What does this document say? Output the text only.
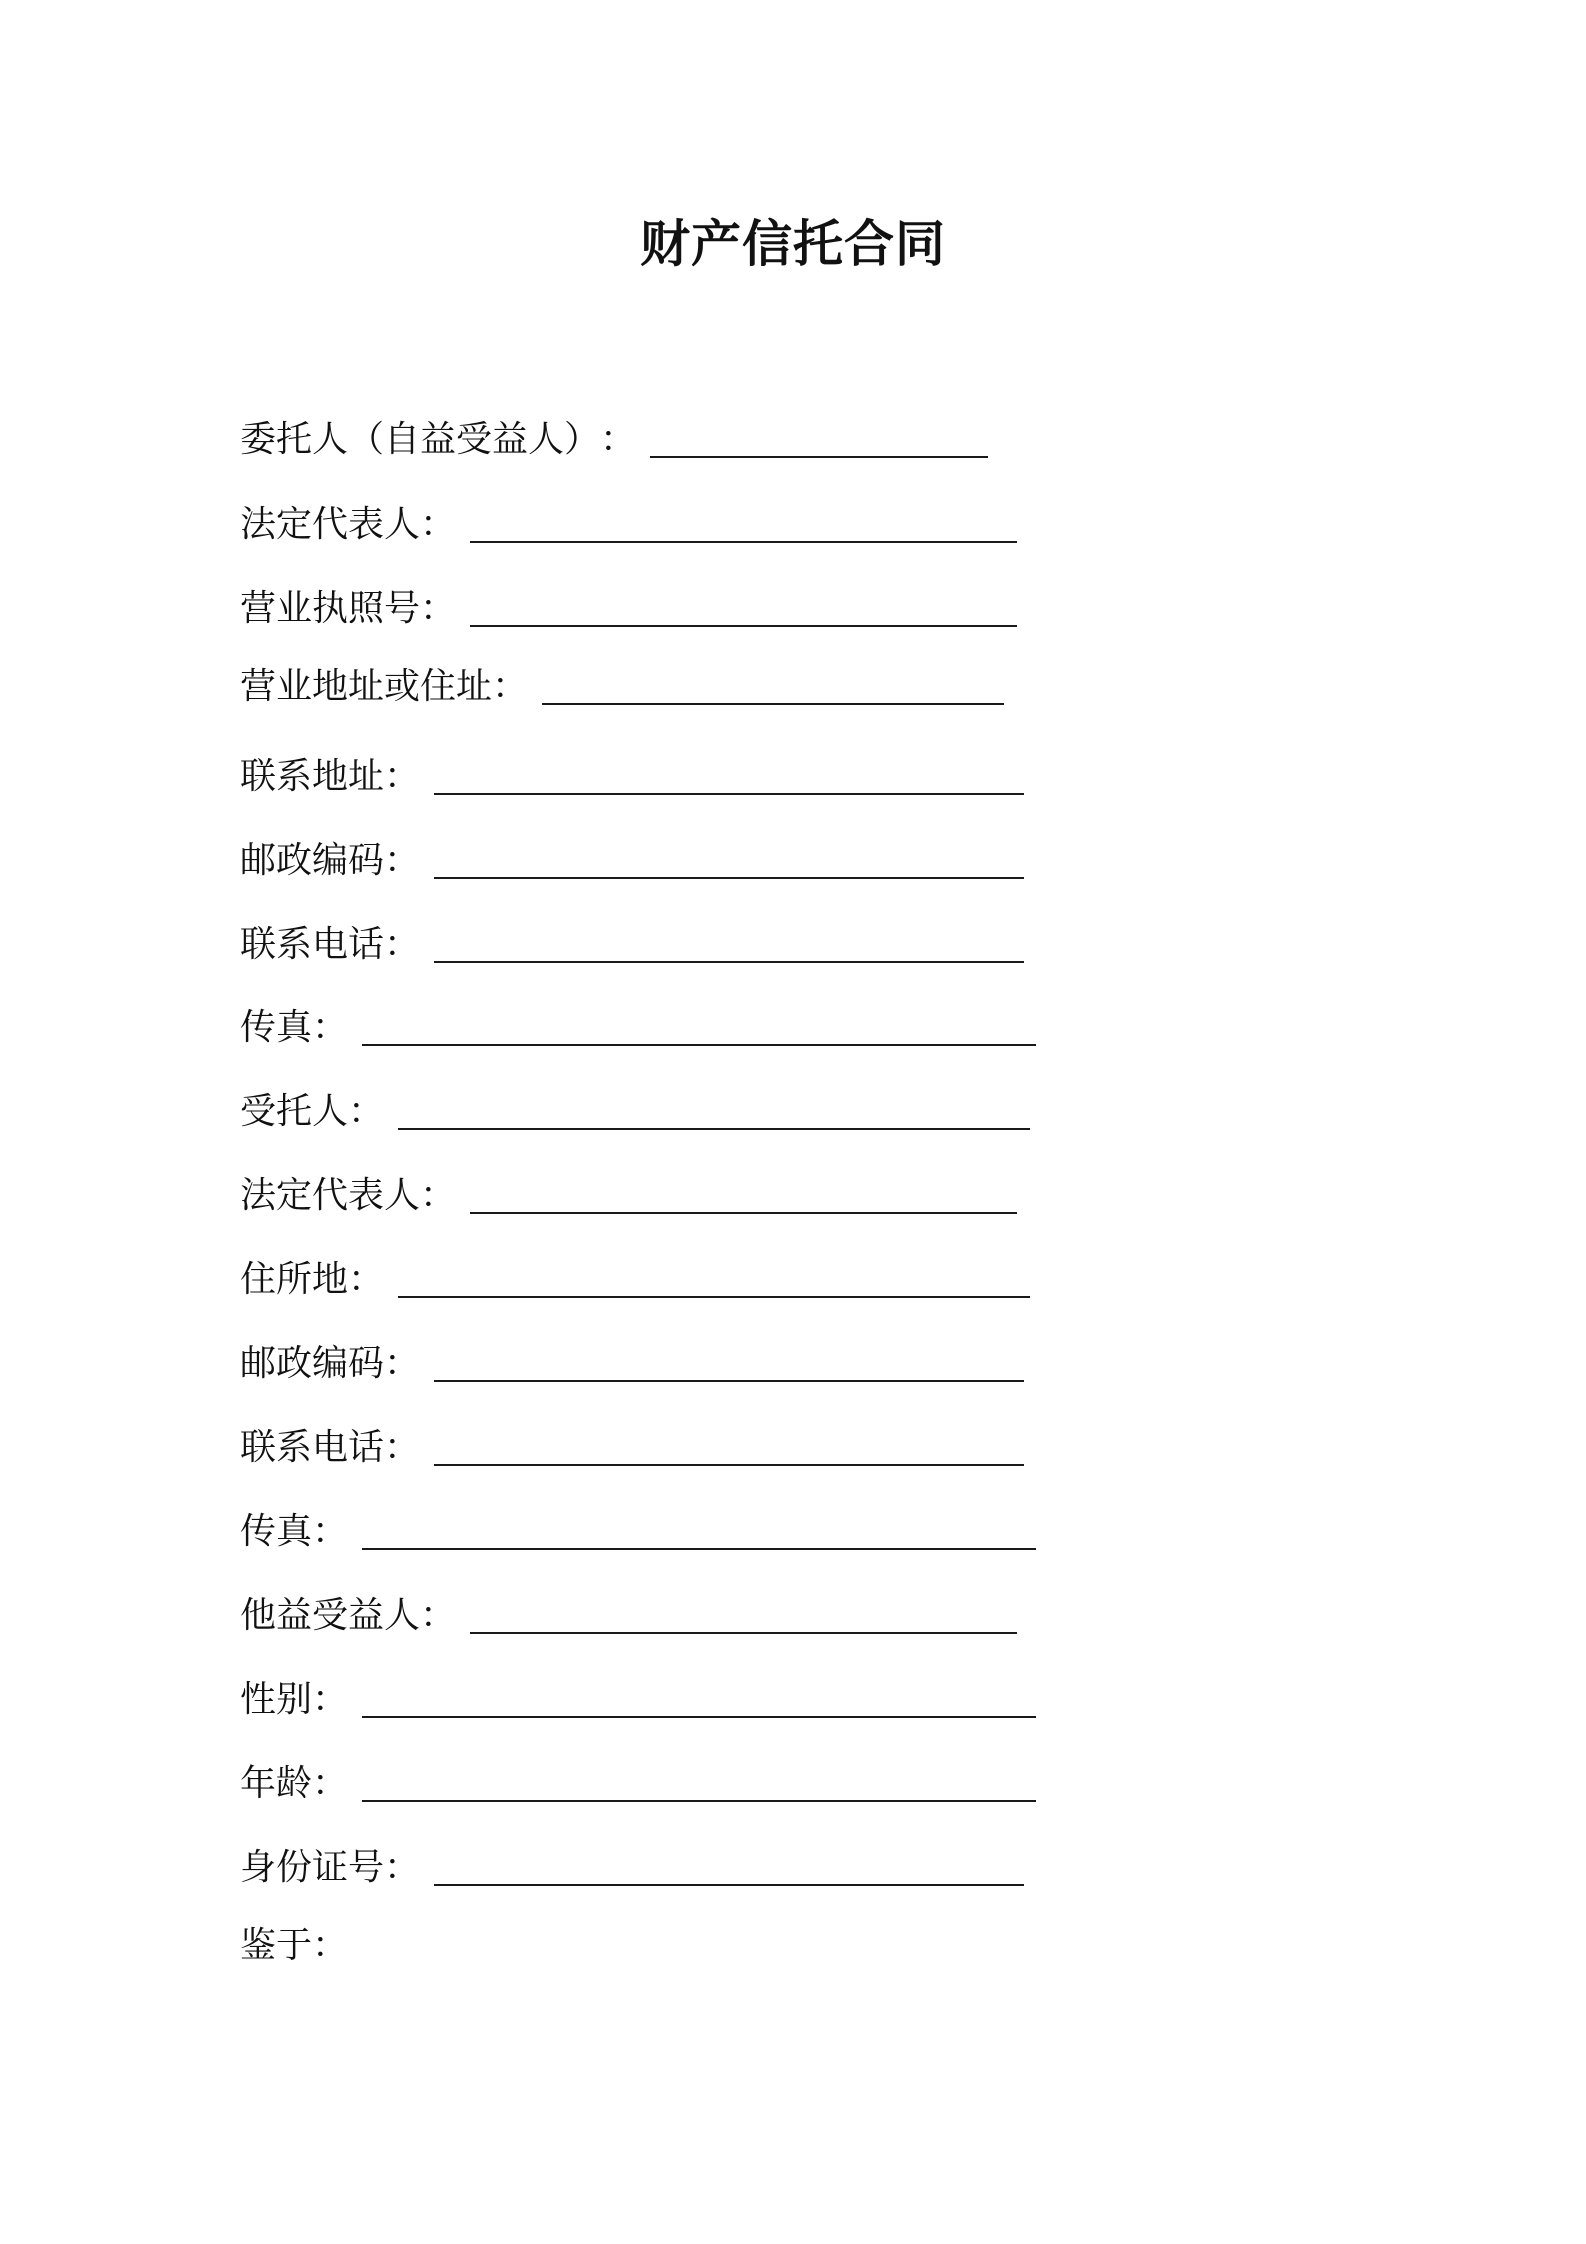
财产信托合同
委托人（自益受益人） ：
法定代表人 ：
营业执照号 ：
营业地址或住址 ：
联系地址 ：
邮政编码 ：
联系电话 ：
传真 ：
受托人 ：
法定代表人 ：
住所地 ：
邮政编码 ：
联系电话 ：
传真 ：
他益受益人 ：
性别 ：
年龄 ：
身份证号 ：
鉴于：
